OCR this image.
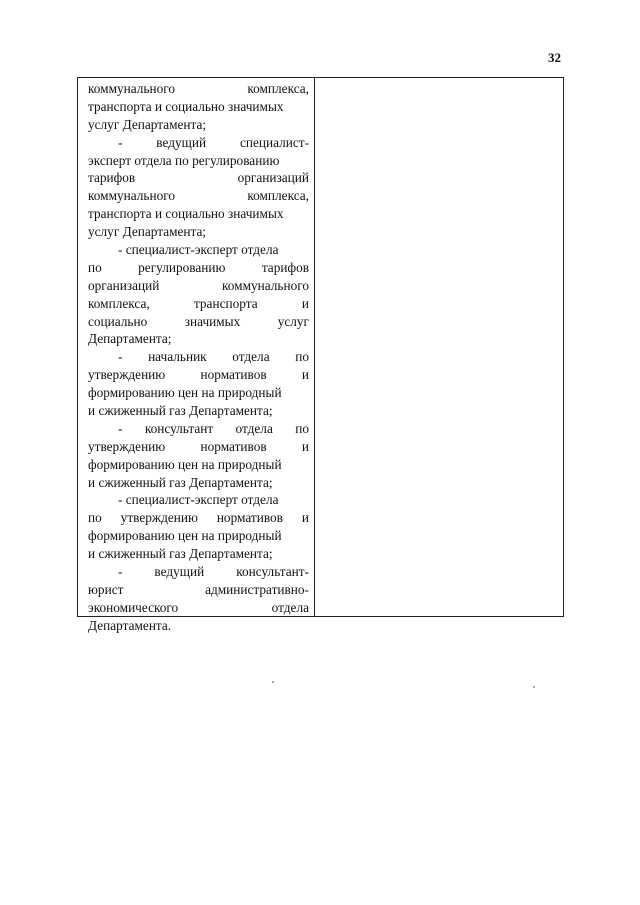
32
коммунального	комплекса,
транспорта и социально значимых
услуг Департамента;
-	ведущий	специалист-
эксперт отдела по регулированию
тарифов	организаций
коммунального	комплекса,
транспорта и социально значимых
услуг Департамента;
- специалист-эксперт отдела
по	регулированию	тарифов
организаций	коммунального
комплекса,	транспорта	и
социально	значимых	услуг
Департамента;
- начальник отдела по
утверждению	нормативов	и
формированию цен на природный
и сжиженный газ Департамента;
- консультант отдела по
утверждению	нормативов	и
формированию цен на природный
и сжиженный газ Департамента;
- специалист-эксперт отдела
по утверждению нормативов и
формированию цен на природный
и сжиженный газ Департамента;
- ведущий консультант-
юрист	административно-
экономического	отдела
Департамента.
